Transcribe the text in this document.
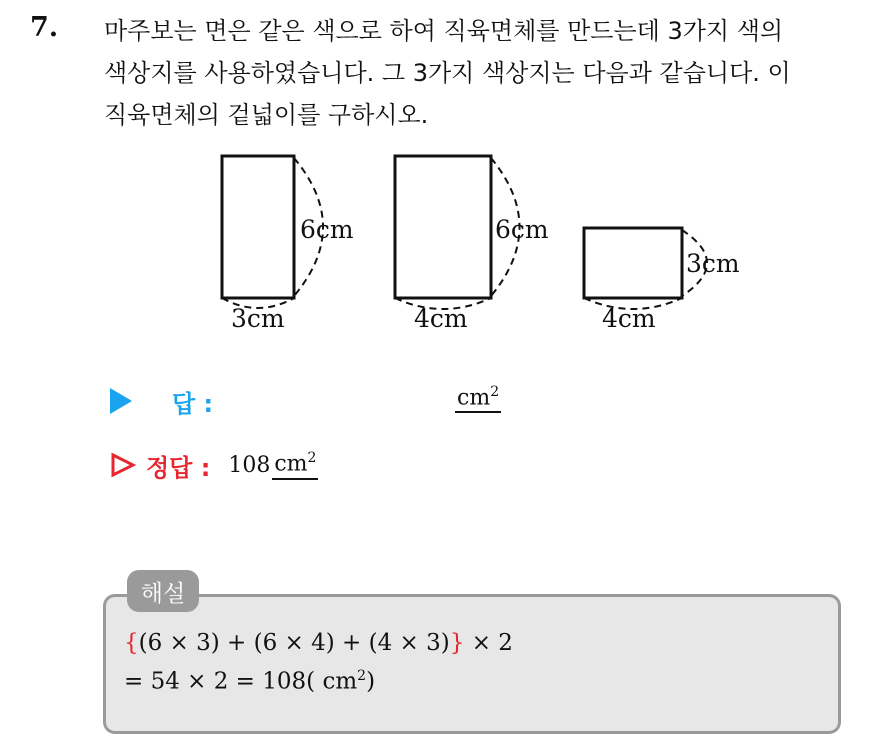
7. 마주보는 면은 같은 색으로 하여 직육면체를 만드는데 3가지 색의
색상지를 사용하였습니다. 그 3가지 색상지는 다음과 같습니다. 이
직육면체의 겉넓이를 구하시오.

6cm
3cm
6cm
4cm
3cm
4cm
답 :	$cm^2$
정답 : 108 $cm^2$
해설
{(6 × 3) + (6 × 4) + (4 × 3)} × 2
= 54 × 2 = 108( $cm^2$)
